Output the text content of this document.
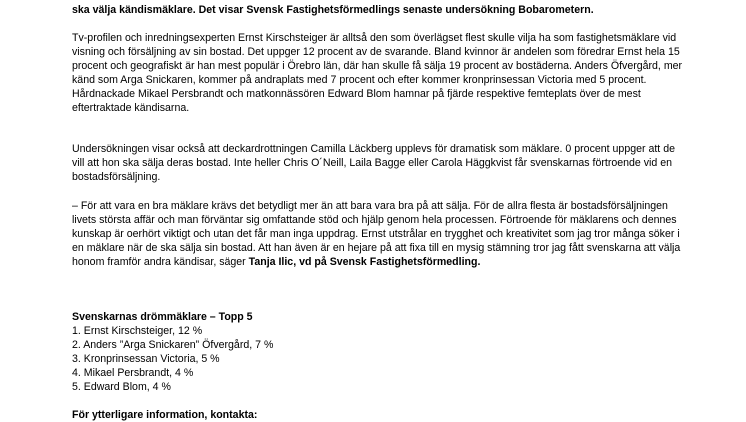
ska välja kändismäklare. Det visar Svensk Fastighetsförmedlings senaste undersökning Bobarometern.

Tv-profilen och inredningsexperten Ernst Kirschsteiger är alltså den som överlägset flest skulle vilja ha som fastighetsmäklare vid visning och försäljning av sin bostad. Det uppger 12 procent av de svarande. Bland kvinnor är andelen som föredrar Ernst hela 15 procent och geografiskt är han mest populär i Örebro län, där han skulle få sälja 19 procent av bostäderna. Anders Öfvergård, mer känd som Arga Snickaren, kommer på andraplats med 7 procent och efter kommer kronprinsessan Victoria med 5 procent. Hårdnackade Mikael Persbrandt och matkonnässören Edward Blom hamnar på fjärde respektive femteplats över de mest eftertraktade kändisarna.

Undersökningen visar också att deckardrottningen Camilla Läckberg upplevs för dramatisk som mäklare. 0 procent uppger att de vill att hon ska sälja deras bostad. Inte heller Chris O´Neill, Laila Bagge eller Carola Häggkvist får svenskarnas förtroende vid en bostadsförsäljning.

– För att vara en bra mäklare krävs det betydligt mer än att bara vara bra på att sälja. För de allra flesta är bostadsförsäljningen livets största affär och man förväntar sig omfattande stöd och hjälp genom hela processen. Förtroende för mäklarens och dennes kunskap är oerhört viktigt och utan det får man inga uppdrag. Ernst utstrålar en trygghet och kreativitet som jag tror många söker i en mäklare när de ska sälja sin bostad. Att han även är en hejare på att fixa till en mysig stämning tror jag fått svenskarna att välja honom framför andra kändisar, säger Tanja Ilic, vd på Svensk Fastighetsförmedling.

Svenskarnas drömmäklare – Topp 5
1. Ernst Kirschsteiger, 12 %
2. Anders ”Arga Snickaren” Öfvergård, 7 %
3. Kronprinsessan Victoria, 5 %
4. Mikael Persbrandt, 4 %
5. Edward Blom, 4 %
För ytterligare information, kontakta:
